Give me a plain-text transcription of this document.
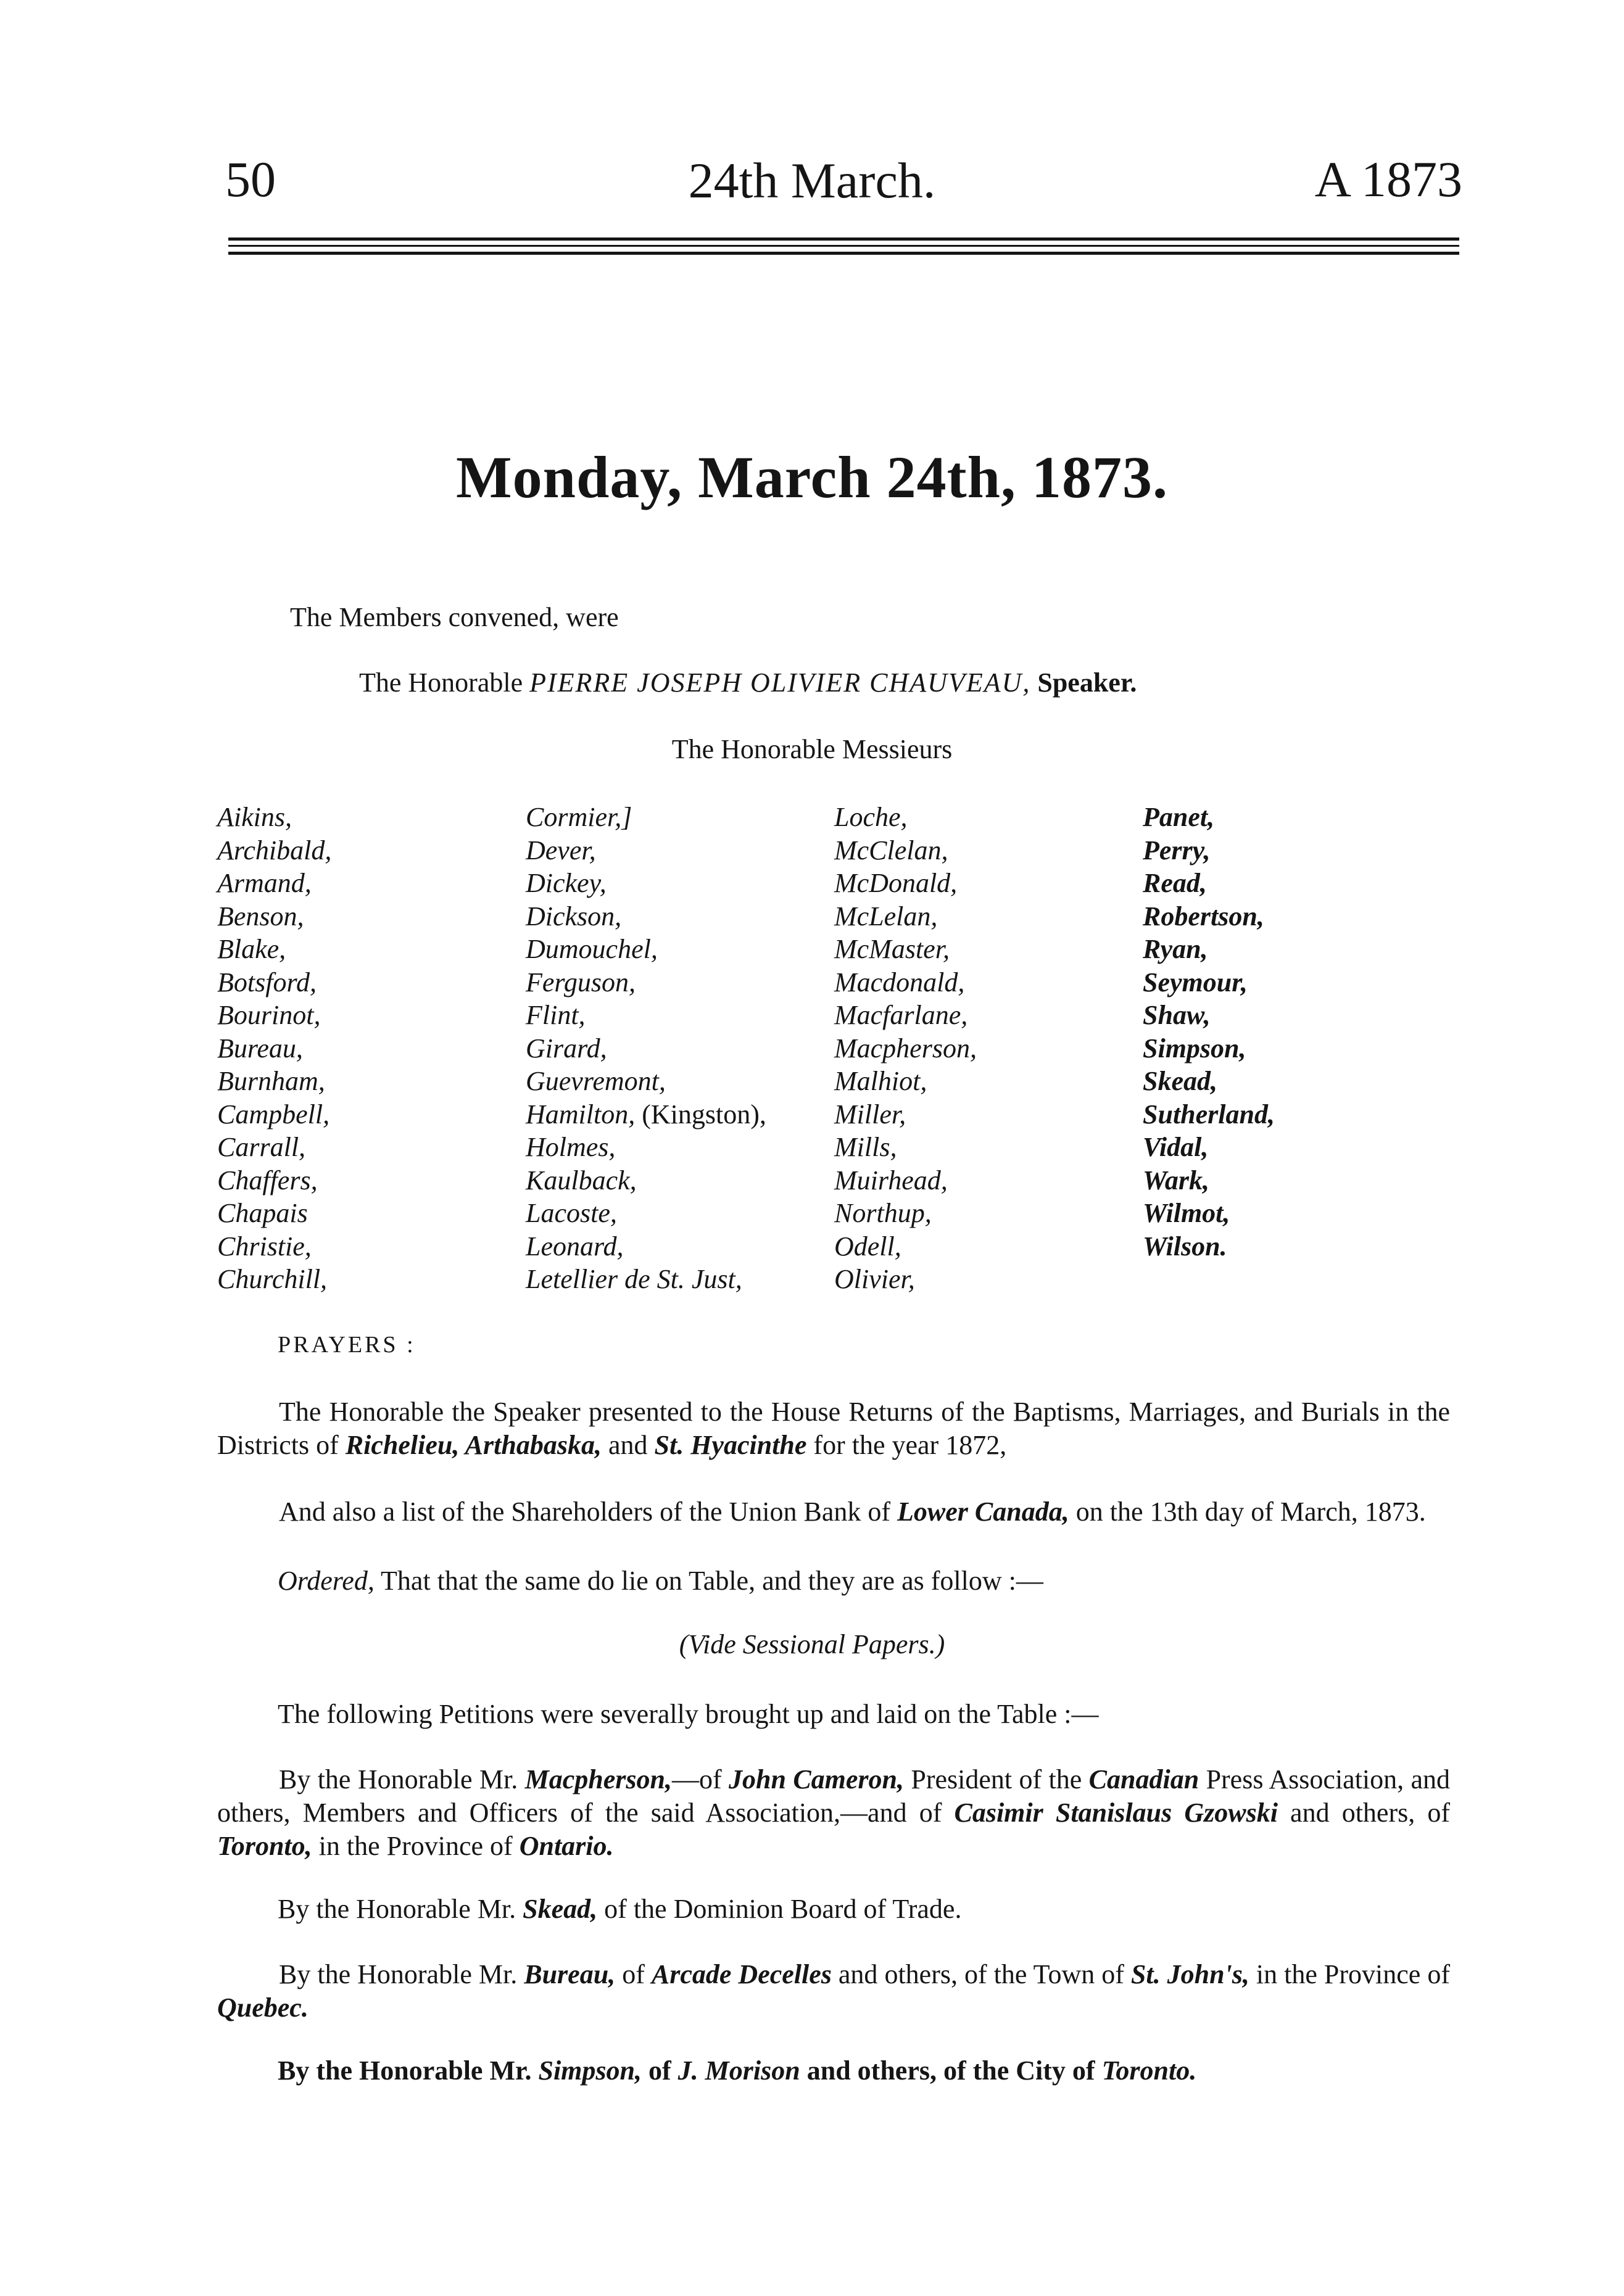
50	24th March.	A 1873
Monday, March 24th, 1873.
The Members convened, were
The Honorable PIERRE JOSEPH OLIVIER CHAUVEAU, Speaker.
The Honorable Messieurs
Aikins,
Archibald,
Armand,
Benson,
Blake,
Botsford,
Bourinot,
Bureau,
Burnham,
Campbell,
Carrall,
Chaffers,
Chapais
Christie,
Churchill,
Cormier,]
Dever,
Dickey,
Dickson,
Dumouchel,
Ferguson,
Flint,
Girard,
Guevremont,
Hamilton, (Kingston),
Holmes,
Kaulback,
Lacoste,
Leonard,
Letellier de St. Just,
Loche,
McClelan,
McDonald,
McLelan,
McMaster,
Macdonald,
Macfarlane,
Macpherson,
Malhiot,
Miller,
Mills,
Muirhead,
Northup,
Odell,
Olivier,
Panet,
Perry,
Read,
Robertson,
Ryan,
Seymour,
Shaw,
Simpson,
Skead,
Sutherland,
Vidal,
Wark,
Wilmot,
Wilson.
PRAYERS :
The Honorable the Speaker presented to the House Returns of the Baptisms, Marriages, and Burials in the Districts of Richelieu, Arthabaska, and St. Hyacinthe for the year 1872,
And also a list of the Shareholders of the Union Bank of Lower Canada, on the 13th day of March, 1873.
Ordered, That that the same do lie on Table, and they are as follow :—
(Vide Sessional Papers.)
The following Petitions were severally brought up and laid on the Table :—
By the Honorable Mr. Macpherson,—of John Cameron, President of the Canadian Press Association, and others, Members and Officers of the said Association,—and of Casimir Stanislaus Gzowski and others, of Toronto, in the Province of Ontario.
By the Honorable Mr. Skead, of the Dominion Board of Trade.
By the Honorable Mr. Bureau, of Arcade Decelles and others, of the Town of St. John's, in the Province of Quebec.
By the Honorable Mr. Simpson, of J. Morison and others, of the City of Toronto.
